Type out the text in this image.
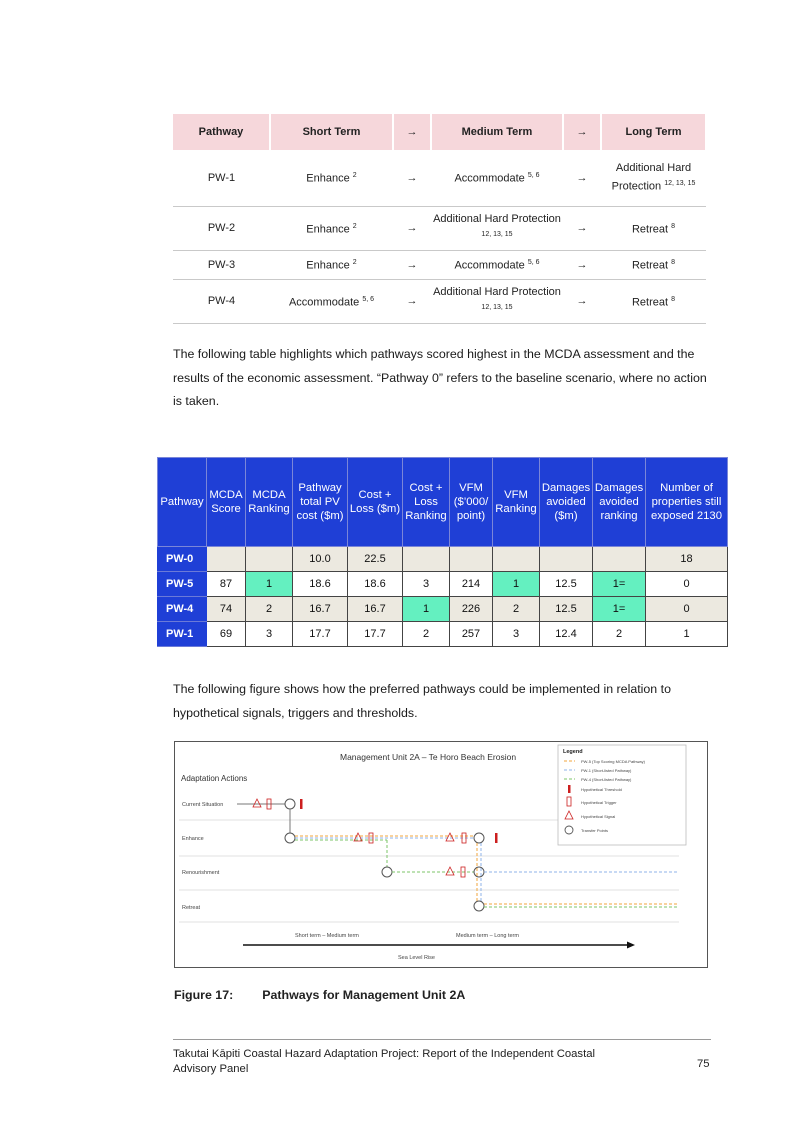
Pathway	Short Term	→	Medium Term	→	Long Term
PW-1	Enhance $^2$	→	Accommodate $^{5, 6}$	→	Additional Hard Protection $^{12, 13, 15}$
PW-2	Enhance $^2$	→	Additional Hard Protection $^{12, 13, 15}$	→	Retreat $^8$
PW-3	Enhance $^2$	→	Accommodate $^{5, 6}$	→	Retreat $^8$
PW-4	Accommodate $^{5, 6}$	→	Additional Hard Protection $^{12, 13, 15}$	→	Retreat $^8$
The following table highlights which pathways scored highest in the MCDA assessment and the results of the economic assessment. “Pathway 0” refers to the baseline scenario, where no action is taken.
Pathway	MCDA Score	MCDA Ranking	Pathway total PV cost ($m)	Cost + Loss ($m)	Cost + Loss Ranking	VFM ($’000/ point)	VFM Ranking	Damages avoided ($m)	Damages avoided ranking	Number of properties still exposed 2130
PW-0			10.0	22.5						18
PW-5	87	1	18.6	18.6	3	214	1	12.5	1=	0
PW-4	74	2	16.7	16.7	1	226	2	12.5	1=	0
PW-1	69	3	17.7	17.7	2	257	3	12.4	2	1
The following figure shows how the preferred pathways could be implemented in relation to hypothetical signals, triggers and thresholds.
Management Unit 2A – Te Horo Beach Erosion
Adaptation Actions
Current Situation
Enhance
Renourishment
Retreat
Short term – Medium term	Medium term – Long term
Sea Level Rise
Legend
PW-5 (Top Scoring MCDA Pathway)
PW-1 (Short-listed Pathway)
PW-4 (Short-listed Pathway)
Hypothetical Threshold
Hypothetical Trigger
Hypothetical Signal
Transfer Points
Figure 17: Pathways for Management Unit 2A
Takutai Kāpiti Coastal Hazard Adaptation Project: Report of the Independent Coastal Advisory Panel	75
